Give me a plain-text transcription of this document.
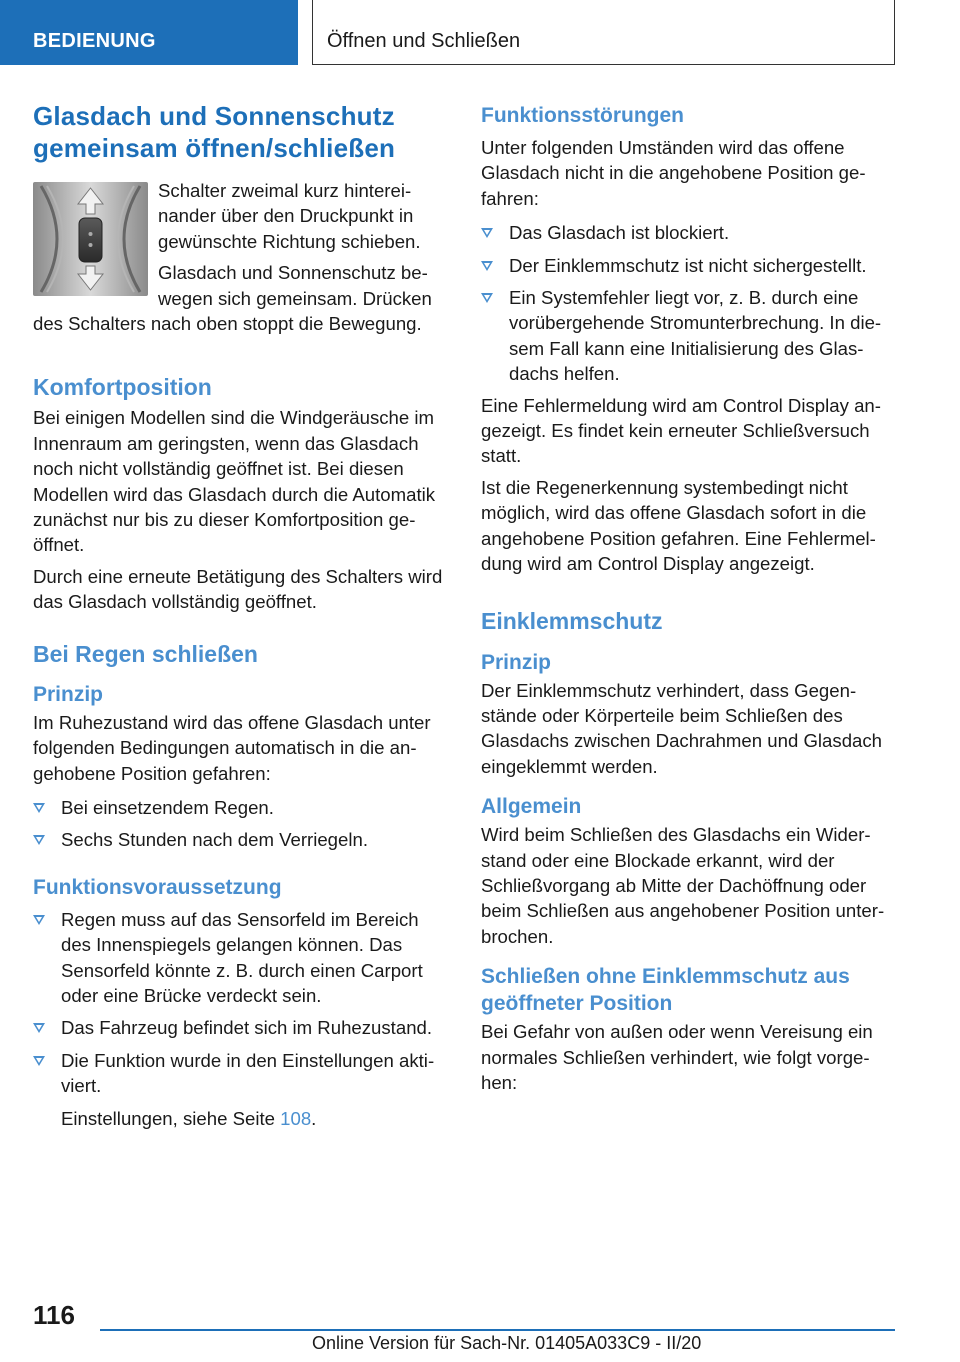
BEDIENUNG	Öffnen und Schließen
Glasdach und Sonnenschutz gemeinsam öffnen/schließen

Schalter zweimal kurz hintereinander über den Druckpunkt in gewünschte Richtung schieben.

Glasdach und Sonnenschutz bewegen sich gemeinsam. Drücken des Schalters nach oben stoppt die Bewegung.

Komfortposition

Bei einigen Modellen sind die Windgeräusche im Innenraum am geringsten, wenn das Glasdach noch nicht vollständig geöffnet ist. Bei diesen Modellen wird das Glasdach durch die Automatik zunächst nur bis zu dieser Komfortposition geöffnet.

Durch eine erneute Betätigung des Schalters wird das Glasdach vollständig geöffnet.

Bei Regen schließen
Prinzip

Im Ruhezustand wird das offene Glasdach unter folgenden Bedingungen automatisch in die angehobene Position gefahren:

Bei einsetzendem Regen.
Sechs Stunden nach dem Verriegeln.
Funktionsvoraussetzung
Regen muss auf das Sensorfeld im Bereich des Innenspiegels gelangen können. Das Sensorfeld könnte z. B. durch einen Carport oder eine Brücke verdeckt sein.
Das Fahrzeug befindet sich im Ruhezustand.
Die Funktion wurde in den Einstellungen aktiviert.

Einstellungen, siehe Seite 108.

Funktionsstörungen

Unter folgenden Umständen wird das offene Glasdach nicht in die angehobene Position gefahren:

Das Glasdach ist blockiert.
Der Einklemmschutz ist nicht sichergestellt.
Ein Systemfehler liegt vor, z. B. durch eine vorübergehende Stromunterbrechung. In diesem Fall kann eine Initialisierung des Glasdachs helfen.

Eine Fehlermeldung wird am Control Display angezeigt. Es findet kein erneuter Schließversuch statt.

Ist die Regenerkennung systembedingt nicht möglich, wird das offene Glasdach sofort in die angehobene Position gefahren. Eine Fehlermeldung wird am Control Display angezeigt.

Einklemmschutz
Prinzip

Der Einklemmschutz verhindert, dass Gegenstände oder Körperteile beim Schließen des Glasdachs zwischen Dachrahmen und Glasdach eingeklemmt werden.

Allgemein

Wird beim Schließen des Glasdachs ein Widerstand oder eine Blockade erkannt, wird der Schließvorgang ab Mitte der Dachöffnung oder beim Schließen aus angehobener Position unterbrochen.

Schließen ohne Einklemmschutz aus geöffneter Position

Bei Gefahr von außen oder wenn Vereisung ein normales Schließen verhindert, wie folgt vorgehen:

116
Online Version für Sach-Nr. 01405A033C9 - II/20
